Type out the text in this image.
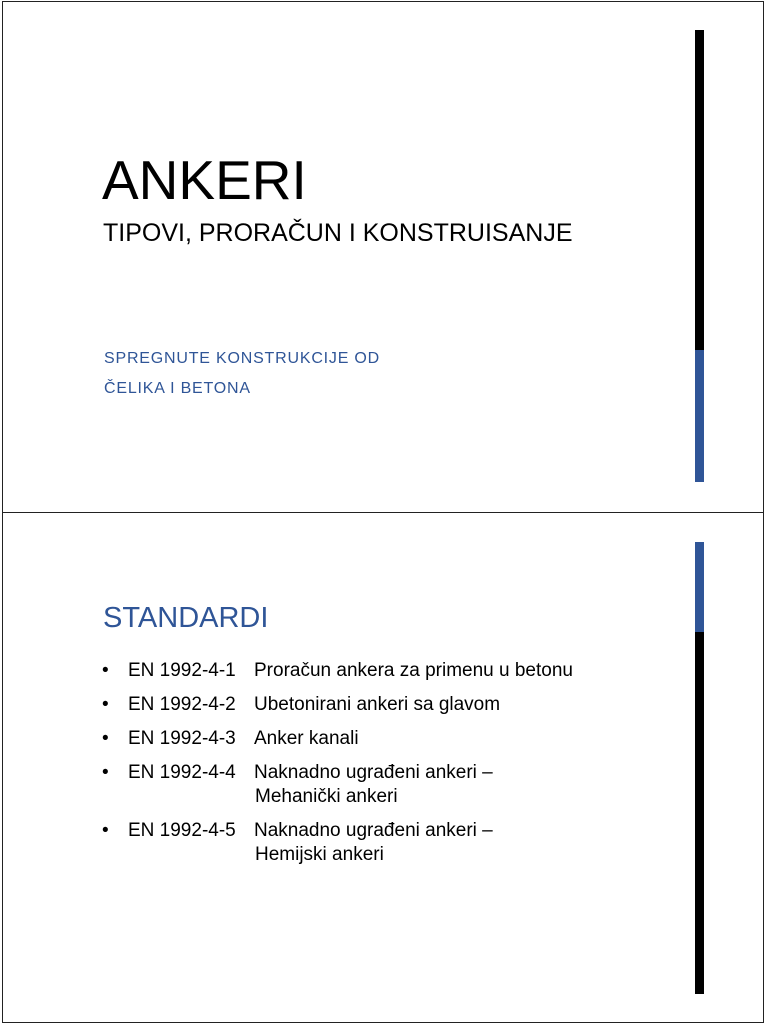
ANKERI
TIPOVI, PRORAČUN I KONSTRUISANJE
SPREGNUTE KONSTRUKCIJE OD
ČELIKA I BETONA
STANDARDI
• EN 1992-4-1 Proračun ankera za primenu u betonu
• EN 1992-4-2 Ubetonirani ankeri sa glavom
• EN 1992-4-3 Anker kanali
• EN 1992-4-4 Naknadno ugrađeni ankeri –
Mehanički ankeri
• EN 1992-4-5 Naknadno ugrađeni ankeri –
Hemijski ankeri
